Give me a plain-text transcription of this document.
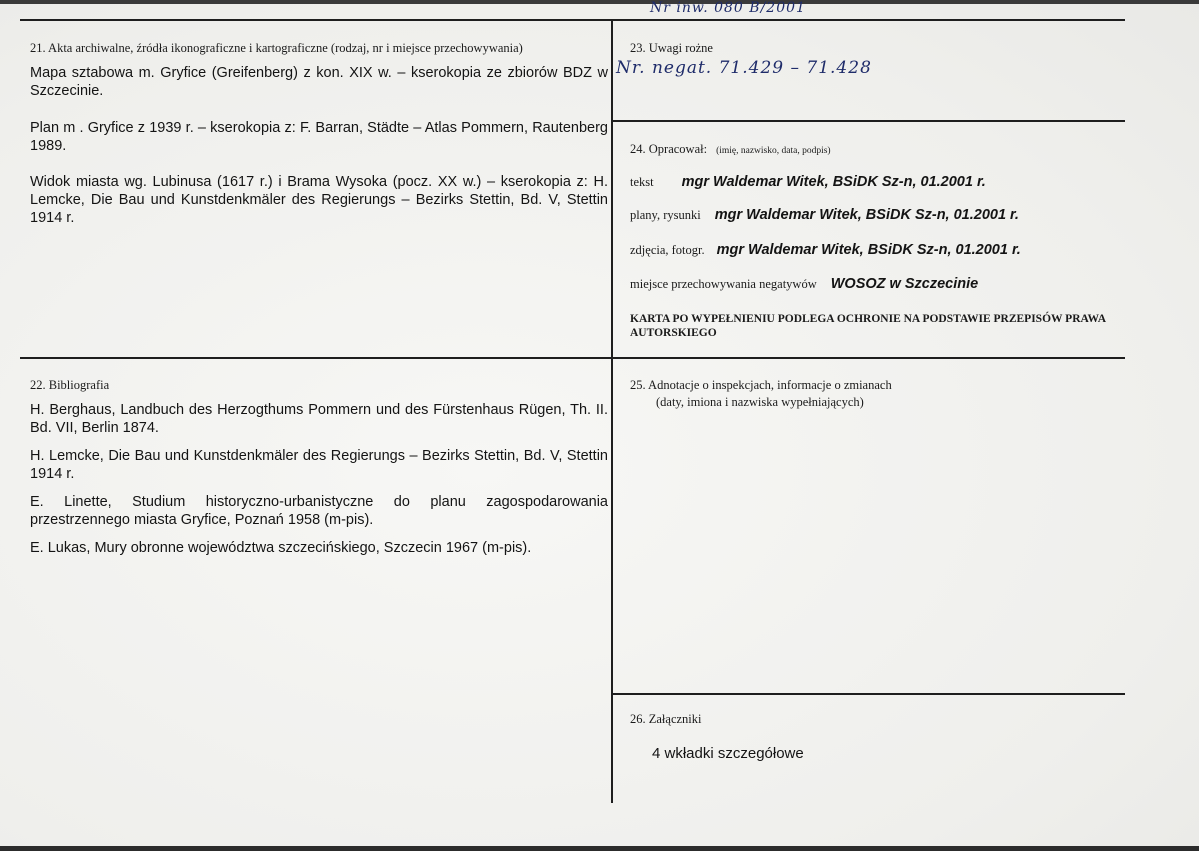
Nr inw. 080 B/2001
21. Akta archiwalne, źródła ikonograficzne i kartograficzne (rodzaj, nr i miejsce przechowywania)
Mapa sztabowa m. Gryfice (Greifenberg) z kon. XIX w. – kserokopia ze zbiorów BDZ w Szczecinie.
Plan m . Gryfice z 1939 r. – kserokopia z: F. Barran, Städte – Atlas Pommern, Rautenberg 1989.
Widok miasta wg. Lubinusa (1617 r.) i Brama Wysoka (pocz. XX w.) – kserokopia z: H. Lemcke, Die Bau und Kunstdenkmäler des Regierungs – Bezirks Stettin, Bd. V, Stettin 1914 r.
22. Bibliografia
H. Berghaus, Landbuch des Herzogthums Pommern und des Fürstenhaus Rügen, Th. II. Bd. VII, Berlin 1874.
H. Lemcke, Die Bau und Kunstdenkmäler des Regierungs – Bezirks Stettin, Bd. V, Stettin 1914 r.
E. Linette, Studium historyczno-urbanistyczne do planu zagospodarowania przestrzennego miasta Gryfice, Poznań 1958 (m-pis).
E. Lukas, Mury obronne województwa szczecińskiego, Szczecin 1967 (m-pis).
23. Uwagi rożne
Nr. negat. 71.429 – 71.428
24. Opracował: (imię, nazwisko, data, podpis)
tekst mgr Waldemar Witek, BSiDK Sz-n, 01.2001 r.
plany, rysunki mgr Waldemar Witek, BSiDK Sz-n, 01.2001 r.
zdjęcia, fotogr. mgr Waldemar Witek, BSiDK Sz-n, 01.2001 r.
miejsce przechowywania negatywów WOSOZ w Szczecinie
KARTA PO WYPEŁNIENIU PODLEGA OCHRONIE NA PODSTAWIE PRZEPISÓW PRAWA AUTORSKIEGO
25. Adnotacje o inspekcjach, informacje o zmianach
(daty, imiona i nazwiska wypełniających)
26. Załączniki
4 wkładki szczegółowe
